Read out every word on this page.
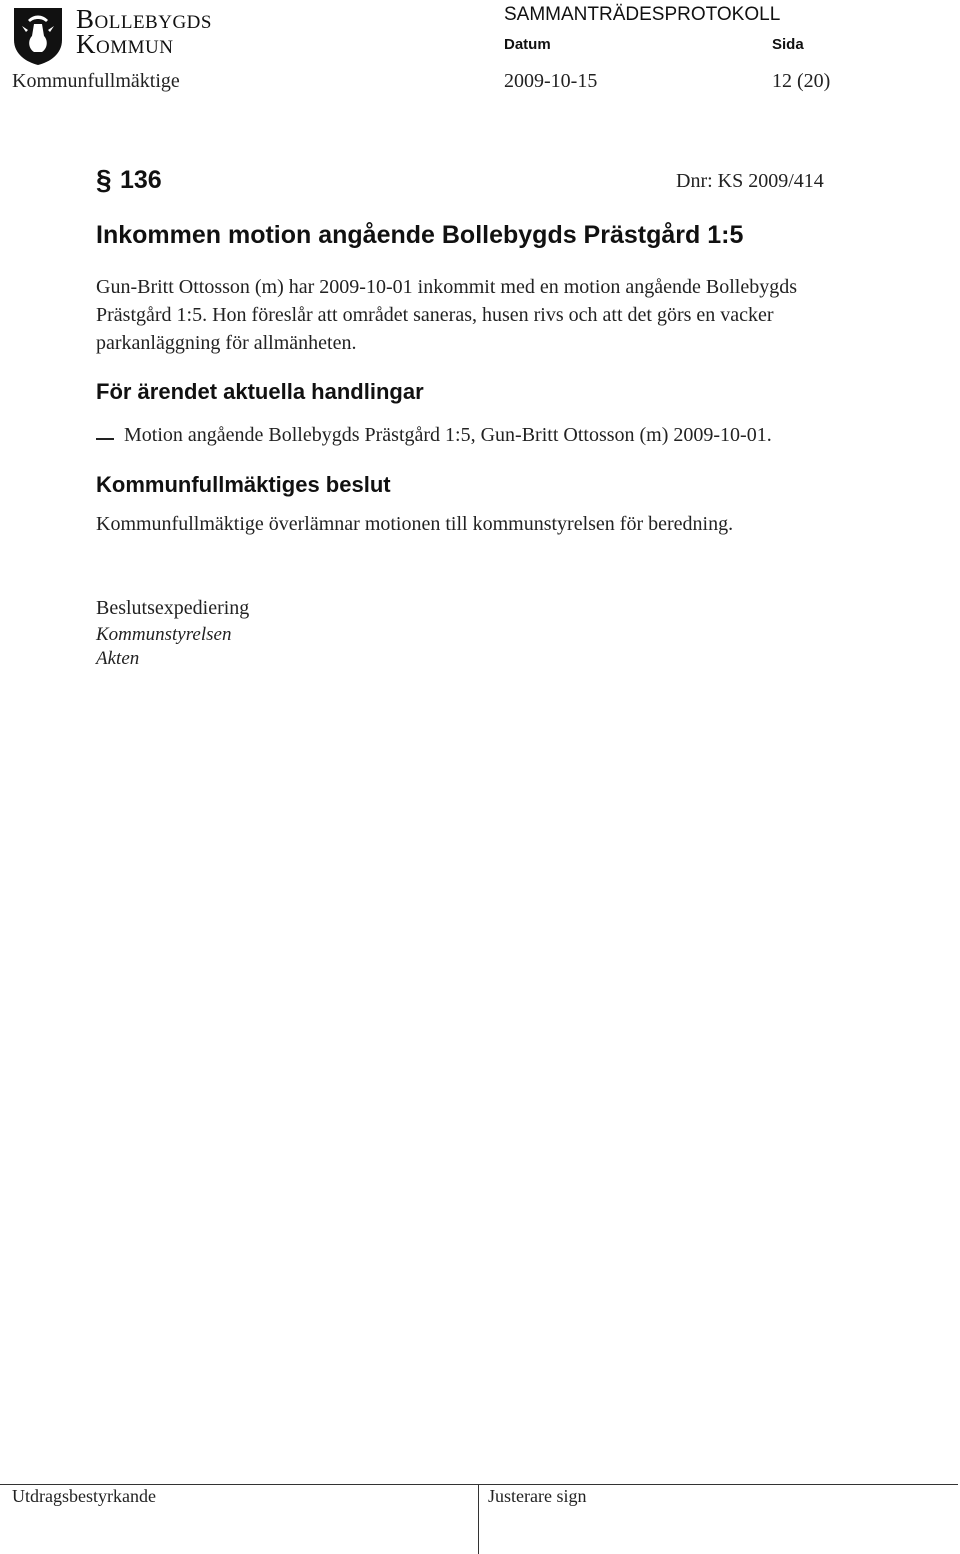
Bollebygds
Kommun
SAMMANTRÄDESPROTOKOLL
Datum	Sida
Kommunfullmäktige	2009-10-15	12 (20)
§ 136	Dnr: KS 2009/414
Inkommen motion angående Bollebygds Prästgård 1:5
Gun-Britt Ottosson (m) har 2009-10-01 inkommit med en motion angående Bollebygds
Prästgård 1:5. Hon föreslår att området saneras, husen rivs och att det görs en vacker
parkanläggning för allmänheten.
För ärendet aktuella handlingar
Motion angående Bollebygds Prästgård 1:5, Gun-Britt Ottosson (m) 2009-10-01.
Kommunfullmäktiges beslut
Kommunfullmäktige överlämnar motionen till kommunstyrelsen för beredning.
Beslutsexpediering
Kommunstyrelsen
Akten
Utdragsbestyrkande	Justerare sign
